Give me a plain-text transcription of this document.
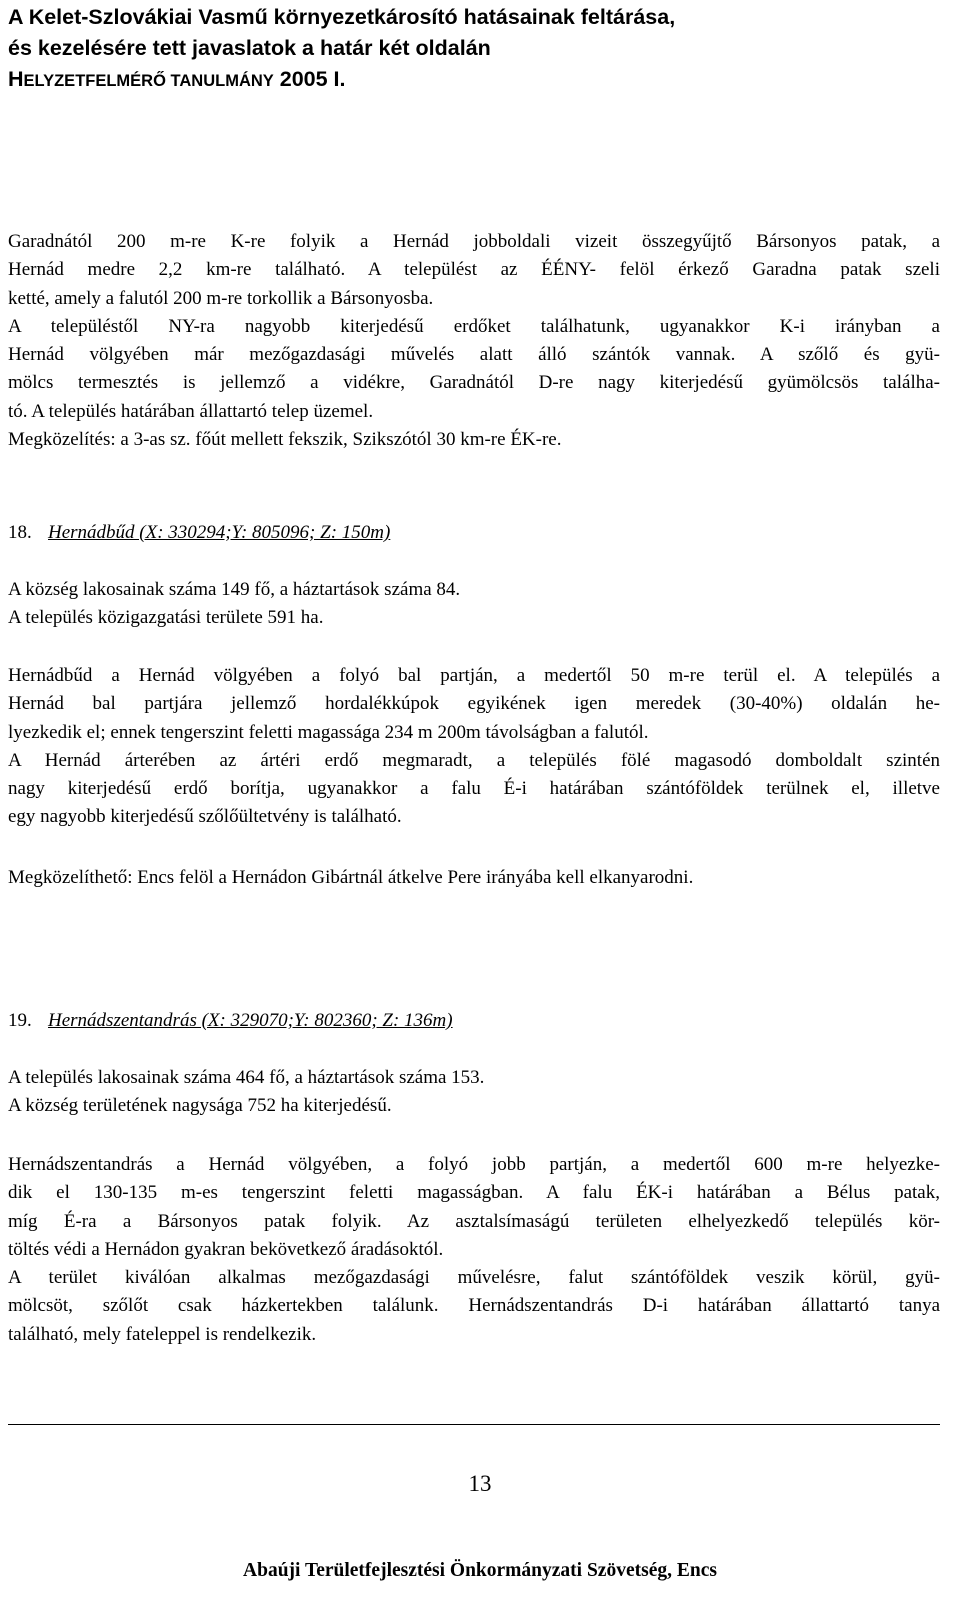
A Kelet-Szlovákiai Vasmű környezetkárosító hatásainak feltárása,
és kezelésére tett javaslatok a határ két oldalán
HELYZETFELMÉRŐ TANULMÁNY 2005 I.
Garadnától 200 m-re K-re folyik a Hernád jobboldali vizeit összegyűjtő Bársonyos patak, a
Hernád medre 2,2 km-re található. A települést az ÉÉNY- felöl érkező Garadna patak szeli
ketté, amely a falutól 200 m-re torkollik a Bársonyosba.
A településtől NY-ra nagyobb kiterjedésű erdőket találhatunk, ugyanakkor K-i irányban a
Hernád völgyében már mezőgazdasági művelés alatt álló szántók vannak. A szőlő és gyü-
mölcs termesztés is jellemző a vidékre, Garadnától D-re nagy kiterjedésű gyümölcsös találha-
tó. A település határában állattartó telep üzemel.
Megközelítés: a 3-as sz. főút mellett fekszik, Szikszótól 30 km-re ÉK-re.
18. Hernádbűd (X: 330294;Y: 805096; Z: 150m)
A község lakosainak száma 149 fő, a háztartások száma 84.
A település közigazgatási területe 591 ha.
Hernádbűd a Hernád völgyében a folyó bal partján, a medertől 50 m-re terül el. A település a
Hernád bal partjára jellemző hordalékkúpok egyikének igen meredek (30-40%) oldalán he-
lyezkedik el; ennek tengerszint feletti magassága 234 m 200m távolságban a falutól.
A Hernád árterében az ártéri erdő megmaradt, a település fölé magasodó domboldalt szintén
nagy kiterjedésű erdő borítja, ugyanakkor a falu É-i határában szántóföldek terülnek el, illetve
egy nagyobb kiterjedésű szőlőültetvény is található.
Megközelíthető: Encs felöl a Hernádon Gibártnál átkelve Pere irányába kell elkanyarodni.
19. Hernádszentandrás (X: 329070;Y: 802360; Z: 136m)
A település lakosainak száma 464 fő, a háztartások száma 153.
A község területének nagysága 752 ha kiterjedésű.
Hernádszentandrás a Hernád völgyében, a folyó jobb partján, a medertől 600 m-re helyezke-
dik el 130-135 m-es tengerszint feletti magasságban. A falu ÉK-i határában a Bélus patak,
míg É-ra a Bársonyos patak folyik. Az asztalsímaságú területen elhelyezkedő település kör-
töltés védi a Hernádon gyakran bekövetkező áradásoktól.
A terület kiválóan alkalmas mezőgazdasági művelésre, falut szántóföldek veszik körül, gyü-
mölcsöt, szőlőt csak házkertekben találunk. Hernádszentandrás D-i határában állattartó tanya
található, mely fateleppel is rendelkezik.
13
Abaúji Területfejlesztési Önkormányzati Szövetség, Encs
